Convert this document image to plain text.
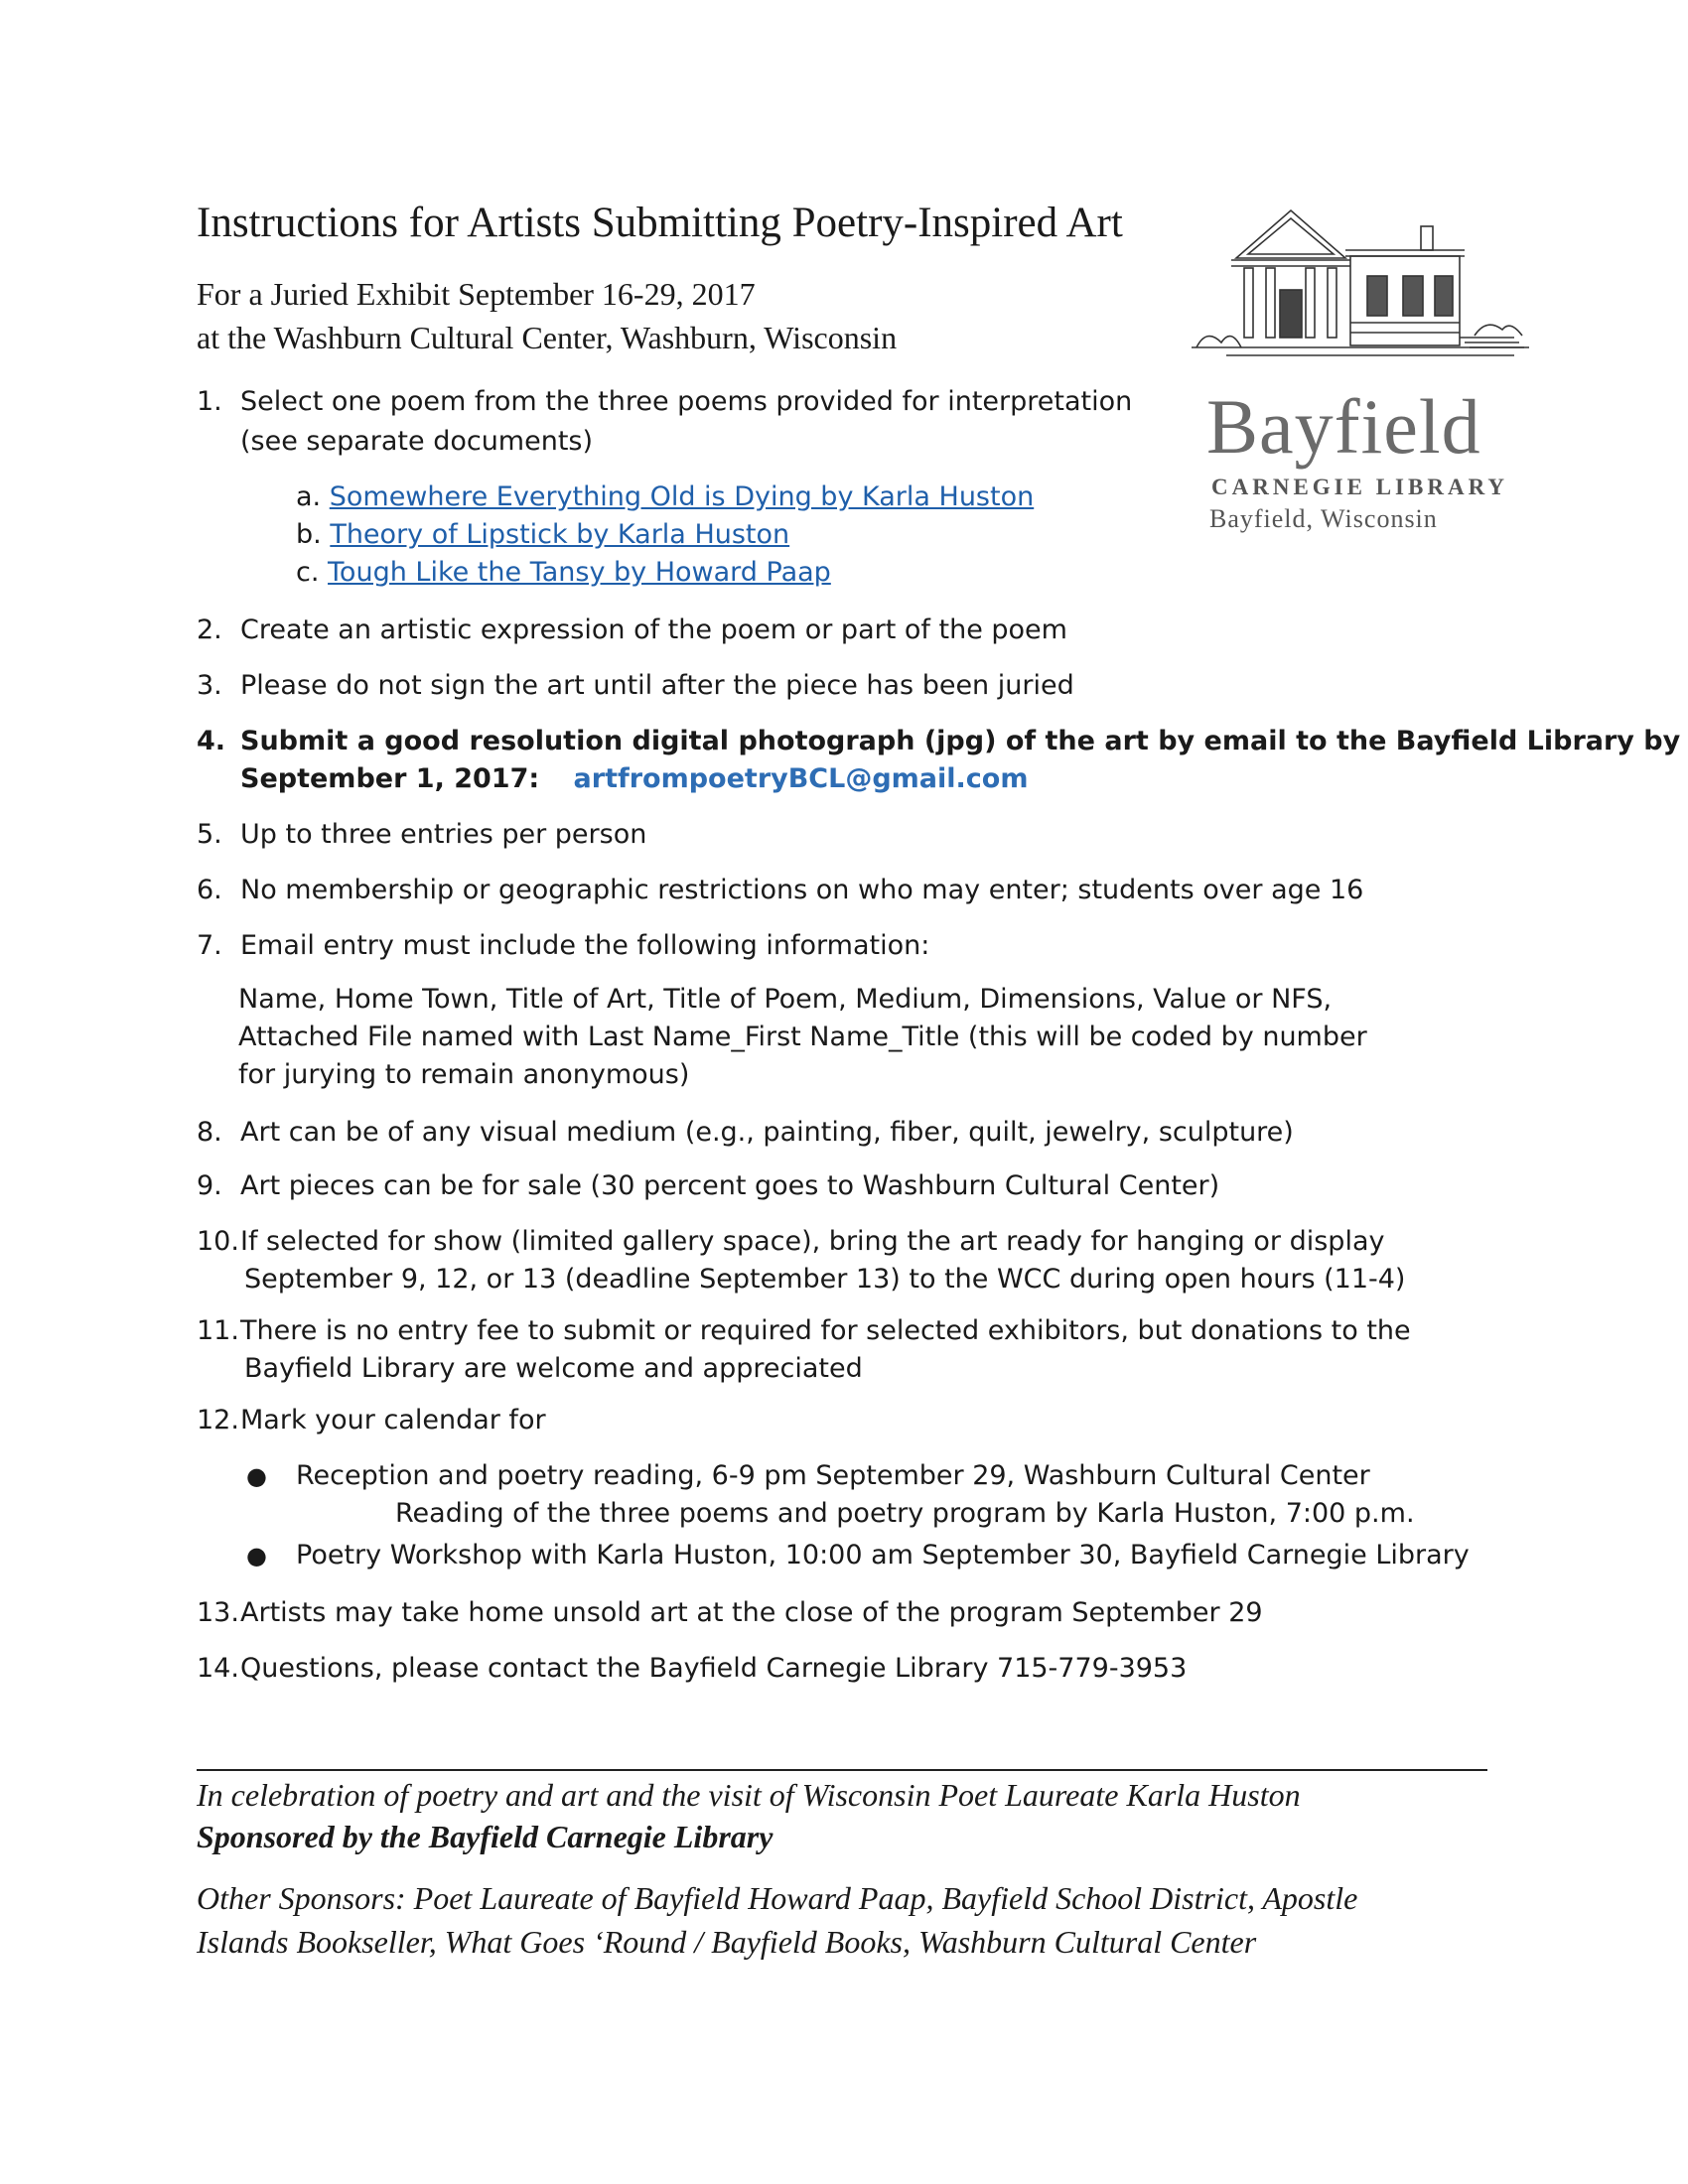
Instructions for Artists Submitting Poetry-Inspired Art
For a Juried Exhibit September 16-29, 2017
at the Washburn Cultural Center, Washburn, Wisconsin
Bayfield
CARNEGIE LIBRARY
Bayfield, Wisconsin
1. Select one poem from the three poems provided for interpretation
(see separate documents)
a. Somewhere Everything Old is Dying by Karla Huston
b. Theory of Lipstick by Karla Huston
c. Tough Like the Tansy by Howard Paap
2. Create an artistic expression of the poem or part of the poem
3. Please do not sign the art until after the piece has been juried
4. Submit a good resolution digital photograph (jpg) of the art by email to the Bayfield Library by
September 1, 2017: artfrompoetryBCL@gmail.com
5. Up to three entries per person
6. No membership or geographic restrictions on who may enter; students over age 16
7. Email entry must include the following information:
Name, Home Town, Title of Art, Title of Poem, Medium, Dimensions, Value or NFS,
Attached File named with Last Name_First Name_Title (this will be coded by number
for jurying to remain anonymous)
8. Art can be of any visual medium (e.g., painting, fiber, quilt, jewelry, sculpture)
9. Art pieces can be for sale (30 percent goes to Washburn Cultural Center)
10.If selected for show (limited gallery space), bring the art ready for hanging or display
September 9, 12, or 13 (deadline September 13) to the WCC during open hours (11-4)
11.There is no entry fee to submit or required for selected exhibitors, but donations to the
Bayfield Library are welcome and appreciated
12.Mark your calendar for
● Reception and poetry reading, 6-9 pm September 29, Washburn Cultural Center
Reading of the three poems and poetry program by Karla Huston, 7:00 p.m.
● Poetry Workshop with Karla Huston, 10:00 am September 30, Bayfield Carnegie Library
13.Artists may take home unsold art at the close of the program September 29
14.Questions, please contact the Bayfield Carnegie Library 715-779-3953
In celebration of poetry and art and the visit of Wisconsin Poet Laureate Karla Huston
Sponsored by the Bayfield Carnegie Library
Other Sponsors: Poet Laureate of Bayfield Howard Paap, Bayfield School District, Apostle
Islands Bookseller, What Goes ‘Round / Bayfield Books, Washburn Cultural Center
